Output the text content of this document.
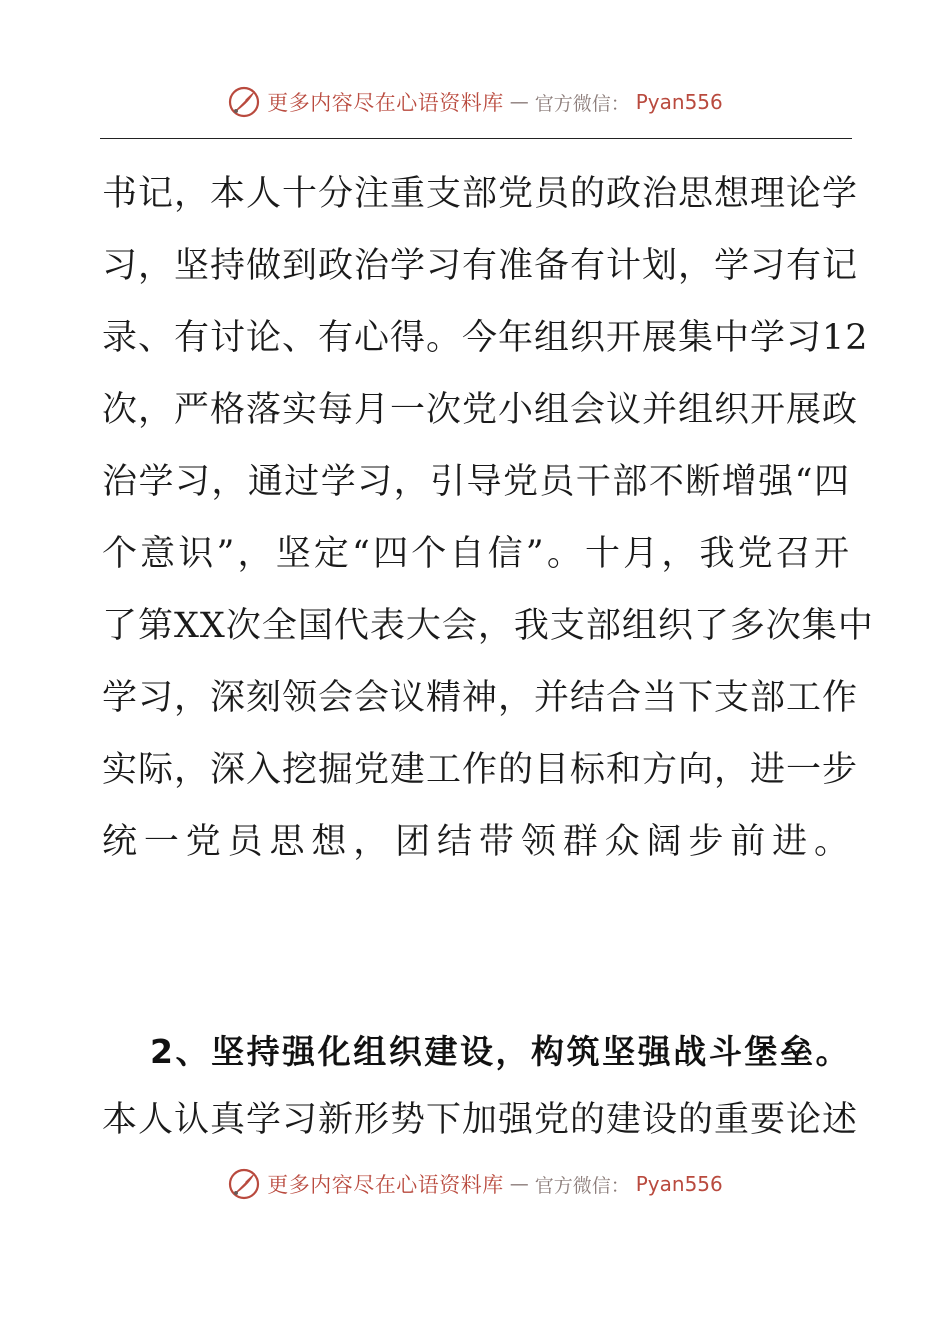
更多内容尽在心语资料库 — 官方微信： Pyan556
书记，本人十分注重支部党员的政治思想理论学
习，坚持做到政治学习有准备有计划，学习有记
录、有讨论、有心得。今年组织开展集中学习12
次，严格落实每月一次党小组会议并组织开展政
治学习，通过学习，引导党员干部不断增强“四
个意识”，坚定“四个自信”。十月，我党召开
了第XX次全国代表大会，我支部组织了多次集中
学习，深刻领会会议精神，并结合当下支部工作
实际，深入挖掘党建工作的目标和方向，进一步
统一党员思想，团结带领群众阔步前进。
2、坚持强化组织建设，构筑坚强战斗堡垒。
本人认真学习新形势下加强党的建设的重要论述
更多内容尽在心语资料库 — 官方微信： Pyan556
